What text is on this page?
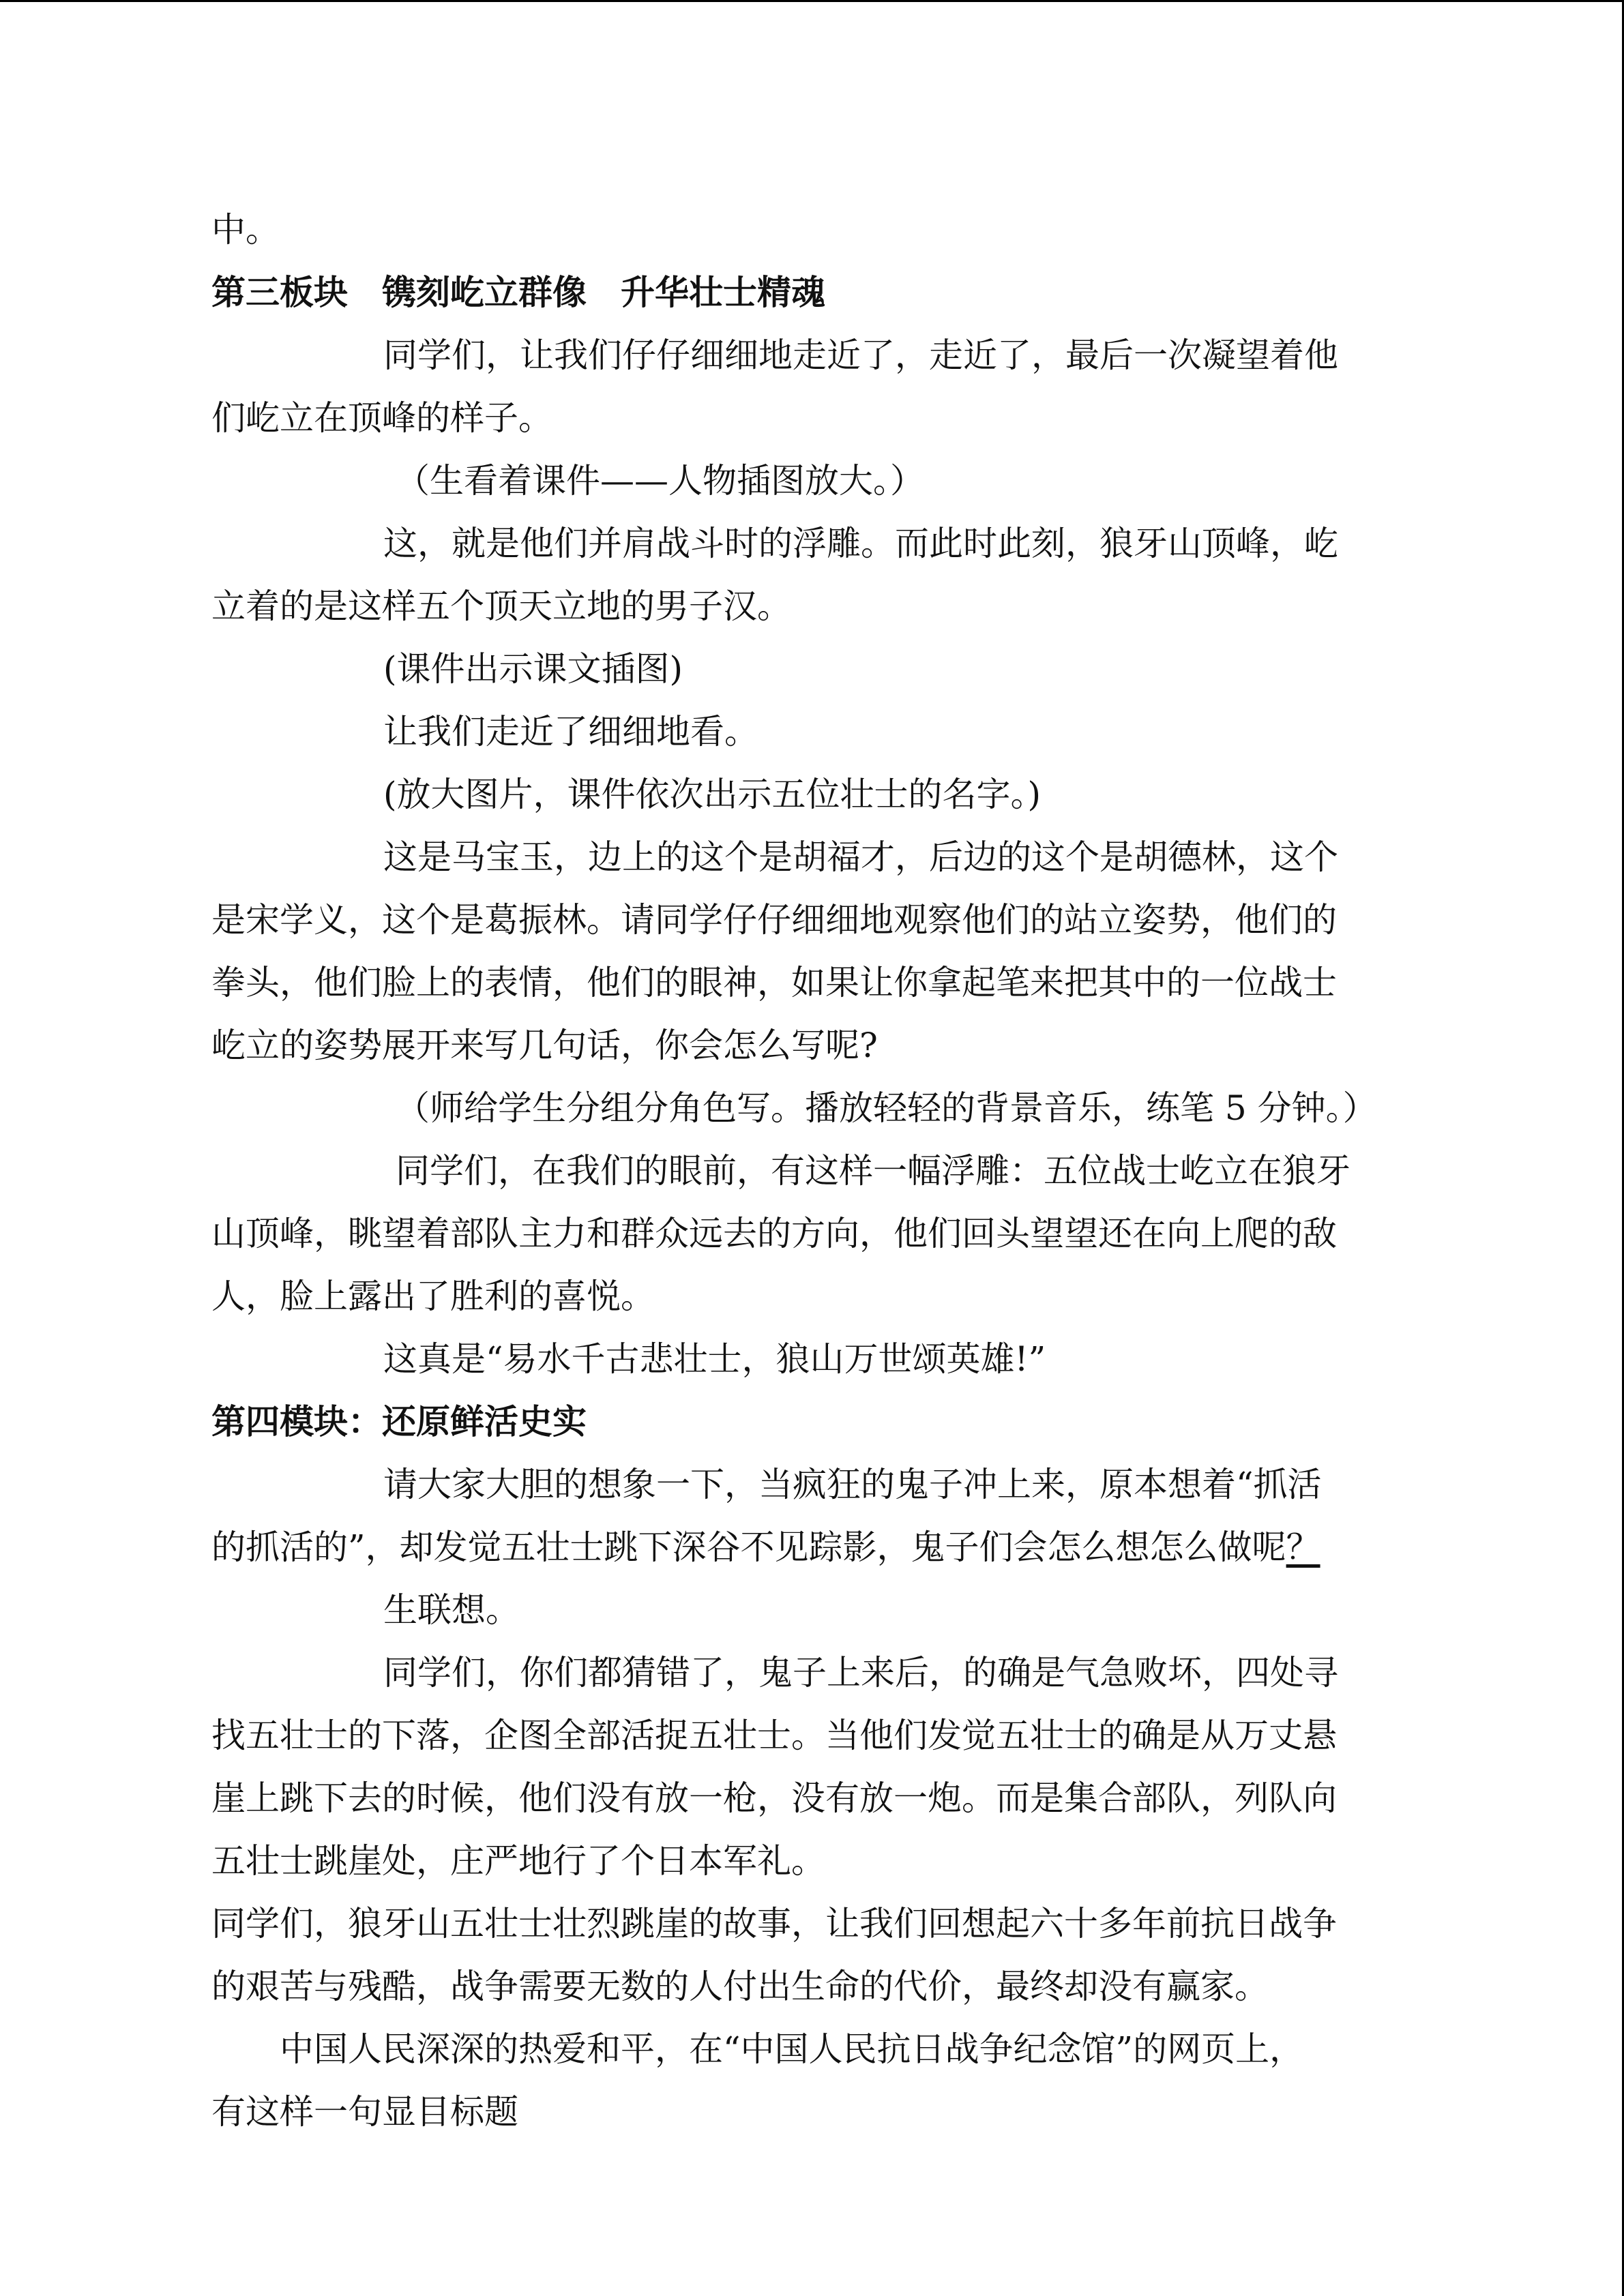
中。

第三板块　镌刻屹立群像　升华壮士精魂

同学们，让我们仔仔细细地走近了，走近了，最后一次凝望着他

们屹立在顶峰的样子。

（生看着课件——人物插图放大。）

这，就是他们并肩战斗时的浮雕。而此时此刻，狼牙山顶峰，屹

立着的是这样五个顶天立地的男子汉。

(课件出示课文插图)

让我们走近了细细地看。

(放大图片，课件依次出示五位壮士的名字。)

这是马宝玉，边上的这个是胡福才，后边的这个是胡德林，这个

是宋学义，这个是葛振林。请同学仔仔细细地观察他们的站立姿势，他们的

拳头，他们脸上的表情，他们的眼神，如果让你拿起笔来把其中的一位战士

屹立的姿势展开来写几句话，你会怎么写呢?

（师给学生分组分角色写。播放轻轻的背景音乐，练笔 5 分钟。）

同学们，在我们的眼前，有这样一幅浮雕：五位战士屹立在狼牙

山顶峰，眺望着部队主力和群众远去的方向，他们回头望望还在向上爬的敌

人，脸上露出了胜利的喜悦。

这真是“易水千古悲壮士，狼山万世颂英雄!”

第四模块：还原鲜活史实

请大家大胆的想象一下，当疯狂的鬼子冲上来，原本想着“抓活

的抓活的”，却发觉五壮士跳下深谷不见踪影，鬼子们会怎么想怎么做呢？

生联想。

同学们，你们都猜错了，鬼子上来后，的确是气急败坏，四处寻

找五壮士的下落，企图全部活捉五壮士。当他们发觉五壮士的确是从万丈悬

崖上跳下去的时候，他们没有放一枪，没有放一炮。而是集合部队，列队向

五壮士跳崖处，庄严地行了个日本军礼。

同学们，狼牙山五壮士壮烈跳崖的故事，让我们回想起六十多年前抗日战争

的艰苦与残酷，战争需要无数的人付出生命的代价，最终却没有赢家。

中国人民深深的热爱和平，在“中国人民抗日战争纪念馆”的网页上，

有这样一句显目标题
